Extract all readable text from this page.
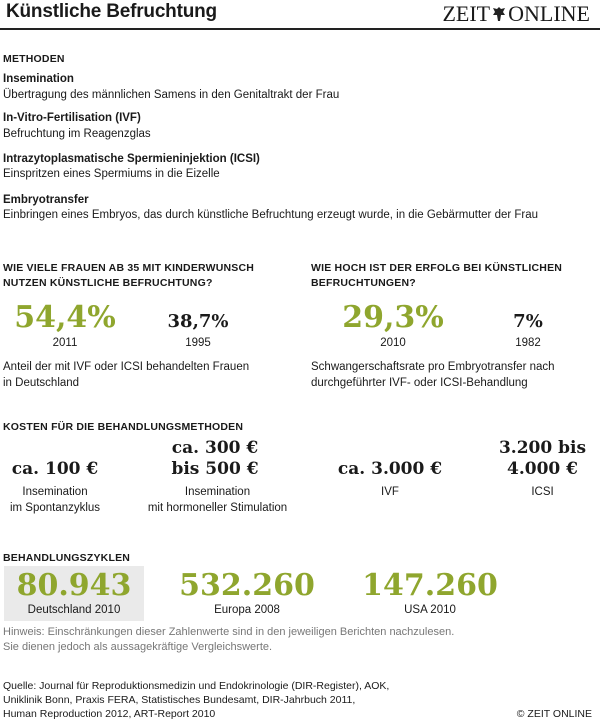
Künstliche Befruchtung	ZEIT ONLINE
METHODEN
Insemination
Übertragung des männlichen Samens in den Genitaltrakt der Frau
In-Vitro-Fertilisation (IVF)
Befruchtung im Reagenzglas
Intrazytoplasmatische Spermieninjektion (ICSI)
Einspritzen eines Spermiums in die Eizelle
Embryotransfer
Einbringen eines Embryos, das durch künstliche Befruchtung erzeugt wurde, in die Gebärmutter der Frau
WIE VIELE FRAUEN AB 35 MIT KINDERWUNSCH
NUTZEN KÜNSTLICHE BEFRUCHTUNG?
54,4%
2011
38,7%
1995
Anteil der mit IVF oder ICSI behandelten Frauen
in Deutschland
WIE HOCH IST DER ERFOLG BEI KÜNSTLICHEN
BEFRUCHTUNGEN?
29,3%
2010
7%
1982
Schwangerschaftsrate pro Embryotransfer nach
durchgeführter IVF- oder ICSI-Behandlung
KOSTEN FÜR DIE BEHANDLUNGSMETHODEN
ca. 100 €
Insemination
im Spontanzyklus
ca. 300 €
bis 500 €
Insemination
mit hormoneller Stimulation
ca. 3.000 €
IVF
3.200 bis
4.000 €
ICSI
BEHANDLUNGSZYKLEN
80.943
Deutschland 2010
532.260
Europa 2008
147.260
USA 2010
Hinweis: Einschränkungen dieser Zahlenwerte sind in den jeweiligen Berichten nachzulesen.
Sie dienen jedoch als aussagekräftige Vergleichswerte.
Quelle: Journal für Reproduktionsmedizin und Endokrinologie (DIR-Register), AOK,
Uniklinik Bonn, Praxis FERA, Statistisches Bundesamt, DIR-Jahrbuch 2011,
Human Reproduction 2012, ART-Report 2010	© ZEIT ONLINE
